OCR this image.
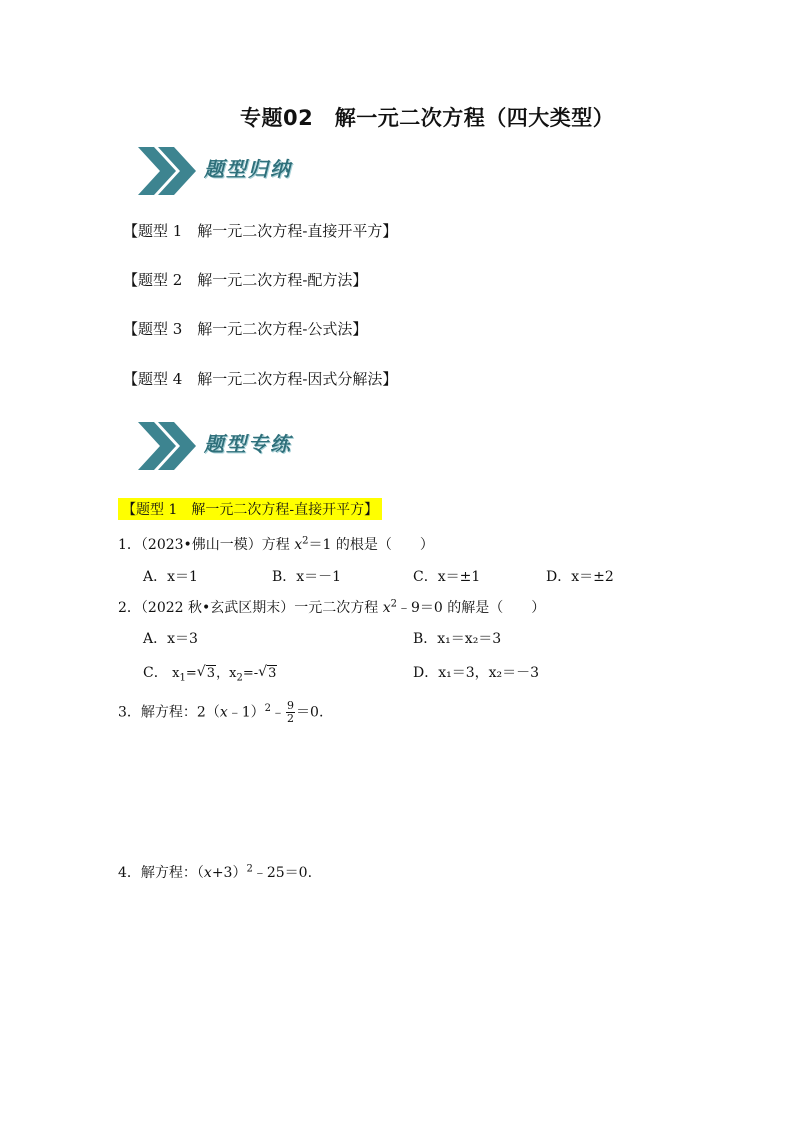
专题02　解一元二次方程（四大类型）
题型归纳
【题型 1　解一元二次方程-直接开平方】
【题型 2　解一元二次方程-配方法】
【题型 3　解一元二次方程-公式法】
【题型 4　解一元二次方程-因式分解法】
题型专练
【题型 1　解一元二次方程-直接开平方】
1．（2023•佛山一模）方程 $x^2=1$ 的根是（　　）
A．x＝1	B．x＝－1	C．x＝±1	D．x＝±2
2．（2022 秋•玄武区期末）一元二次方程 $x^2﹣9=0$ 的解是（　　）
A．x＝3	B．x₁＝x₂＝3
C． $x_1=√$ 3，$x_2=-√$ 3	D．x₁＝3，x₂＝－3
3．解方程：2（x﹣1）$^2$﹣ $\frac{9}{2} =0$.
4．解方程：$(x+3)^2﹣25=0$.
